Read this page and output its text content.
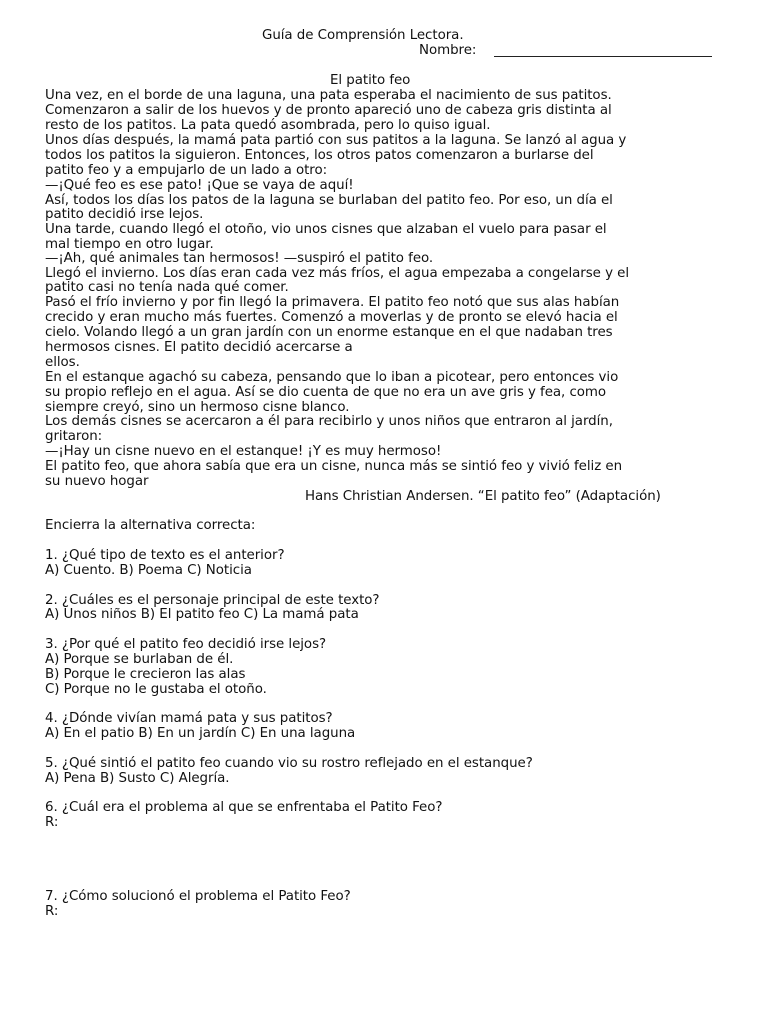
Guía de Comprensión Lectora.
Nombre:
El patito feo
Una vez, en el borde de una laguna, una pata esperaba el nacimiento de sus patitos.
Comenzaron a salir de los huevos y de pronto apareció uno de cabeza gris distinta al
resto de los patitos. La pata quedó asombrada, pero lo quiso igual.
Unos días después, la mamá pata partió con sus patitos a la laguna. Se lanzó al agua y
todos los patitos la siguieron. Entonces, los otros patos comenzaron a burlarse del
patito feo y a empujarlo de un lado a otro:
—¡Qué feo es ese pato! ¡Que se vaya de aquí!
Así, todos los días los patos de la laguna se burlaban del patito feo. Por eso, un día el
patito decidió irse lejos.
Una tarde, cuando llegó el otoño, vio unos cisnes que alzaban el vuelo para pasar el
mal tiempo en otro lugar.
—¡Ah, qué animales tan hermosos! —suspiró el patito feo.
Llegó el invierno. Los días eran cada vez más fríos, el agua empezaba a congelarse y el
patito casi no tenía nada qué comer.
Pasó el frío invierno y por fin llegó la primavera. El patito feo notó que sus alas habían
crecido y eran mucho más fuertes. Comenzó a moverlas y de pronto se elevó hacia el
cielo. Volando llegó a un gran jardín con un enorme estanque en el que nadaban tres
hermosos cisnes. El patito decidió acercarse a
ellos.
En el estanque agachó su cabeza, pensando que lo iban a picotear, pero entonces vio
su propio reflejo en el agua. Así se dio cuenta de que no era un ave gris y fea, como
siempre creyó, sino un hermoso cisne blanco.
Los demás cisnes se acercaron a él para recibirlo y unos niños que entraron al jardín,
gritaron:
—¡Hay un cisne nuevo en el estanque! ¡Y es muy hermoso!
El patito feo, que ahora sabía que era un cisne, nunca más se sintió feo y vivió feliz en
su nuevo hogar
Hans Christian Andersen. “El patito feo” (Adaptación)
Encierra la alternativa correcta:
1. ¿Qué tipo de texto es el anterior?
A) Cuento. B) Poema C) Noticia
2. ¿Cuáles es el personaje principal de este texto?
A) Unos niños B) El patito feo C) La mamá pata
3. ¿Por qué el patito feo decidió irse lejos?
A) Porque se burlaban de él.
B) Porque le crecieron las alas
C) Porque no le gustaba el otoño.
4. ¿Dónde vivían mamá pata y sus patitos?
A) En el patio B) En un jardín C) En una laguna
5. ¿Qué sintió el patito feo cuando vio su rostro reflejado en el estanque?
A) Pena B) Susto C) Alegría.
6. ¿Cuál era el problema al que se enfrentaba el Patito Feo?
R:
7. ¿Cómo solucionó el problema el Patito Feo?
R:
